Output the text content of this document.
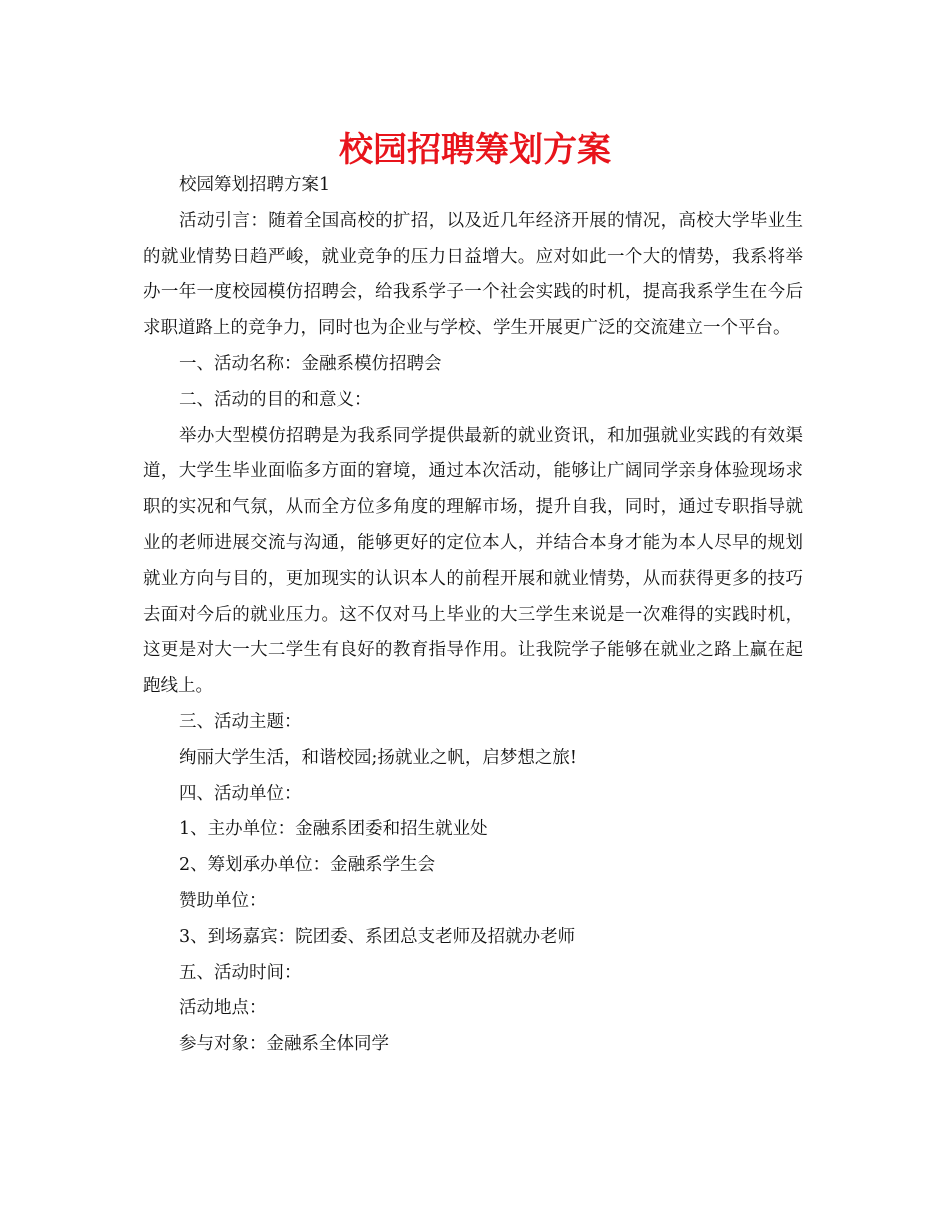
校园招聘筹划方案

校园筹划招聘方案1

活动引言：随着全国高校的扩招，以及近几年经济开展的情况，高校大学毕业生的就业情势日趋严峻，就业竞争的压力日益增大。应对如此一个大的情势，我系将举办一年一度校园模仿招聘会，给我系学子一个社会实践的时机，提高我系学生在今后求职道路上的竞争力，同时也为企业与学校、学生开展更广泛的交流建立一个平台。

一、活动名称：金融系模仿招聘会

二、活动的目的和意义：

举办大型模仿招聘是为我系同学提供最新的就业资讯，和加强就业实践的有效渠道，大学生毕业面临多方面的窘境，通过本次活动，能够让广阔同学亲身体验现场求职的实况和气氛，从而全方位多角度的理解市场，提升自我，同时，通过专职指导就业的老师进展交流与沟通，能够更好的定位本人，并结合本身才能为本人尽早的规划就业方向与目的，更加现实的认识本人的前程开展和就业情势，从而获得更多的技巧去面对今后的就业压力。这不仅对马上毕业的大三学生来说是一次难得的实践时机，这更是对大一大二学生有良好的教育指导作用。让我院学子能够在就业之路上赢在起跑线上。

三、活动主题：

绚丽大学生活，和谐校园;扬就业之帆，启梦想之旅!

四、活动单位：

1、主办单位：金融系团委和招生就业处

2、筹划承办单位：金融系学生会

赞助单位：

3、到场嘉宾：院团委、系团总支老师及招就办老师

五、活动时间：

活动地点：

参与对象：金融系全体同学
